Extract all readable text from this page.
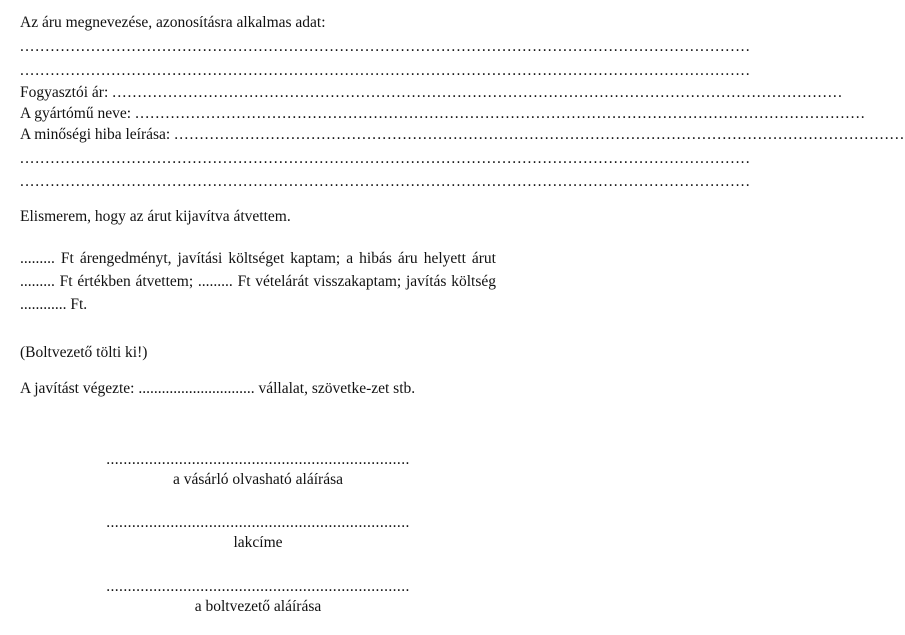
Az áru megnevezése, azonosításra alkalmas adat:
................................................................................................................................................
................................................................................................................................................
Fogyasztói ár: ................................................................................................................................................
A gyártómű neve: ................................................................................................................................................
A minőségi hiba leírása: ................................................................................................................................................
................................................................................................................................................
................................................................................................................................................
Elismerem, hogy az árut kijavítva átvettem.
......... Ft árengedményt, javítási költséget kaptam; a hibás áru helyett árut ......... Ft értékben átvettem; ......... Ft vételárát visszakaptam; javítás költség ............ Ft.
(Boltvezető tölti ki!)
A javítást végezte: .............................. vállalat, szövetke-zet stb.
.......................................................................
a vásárló olvasható aláírása
.......................................................................
lakcíme
.......................................................................
a boltvezető aláírása
